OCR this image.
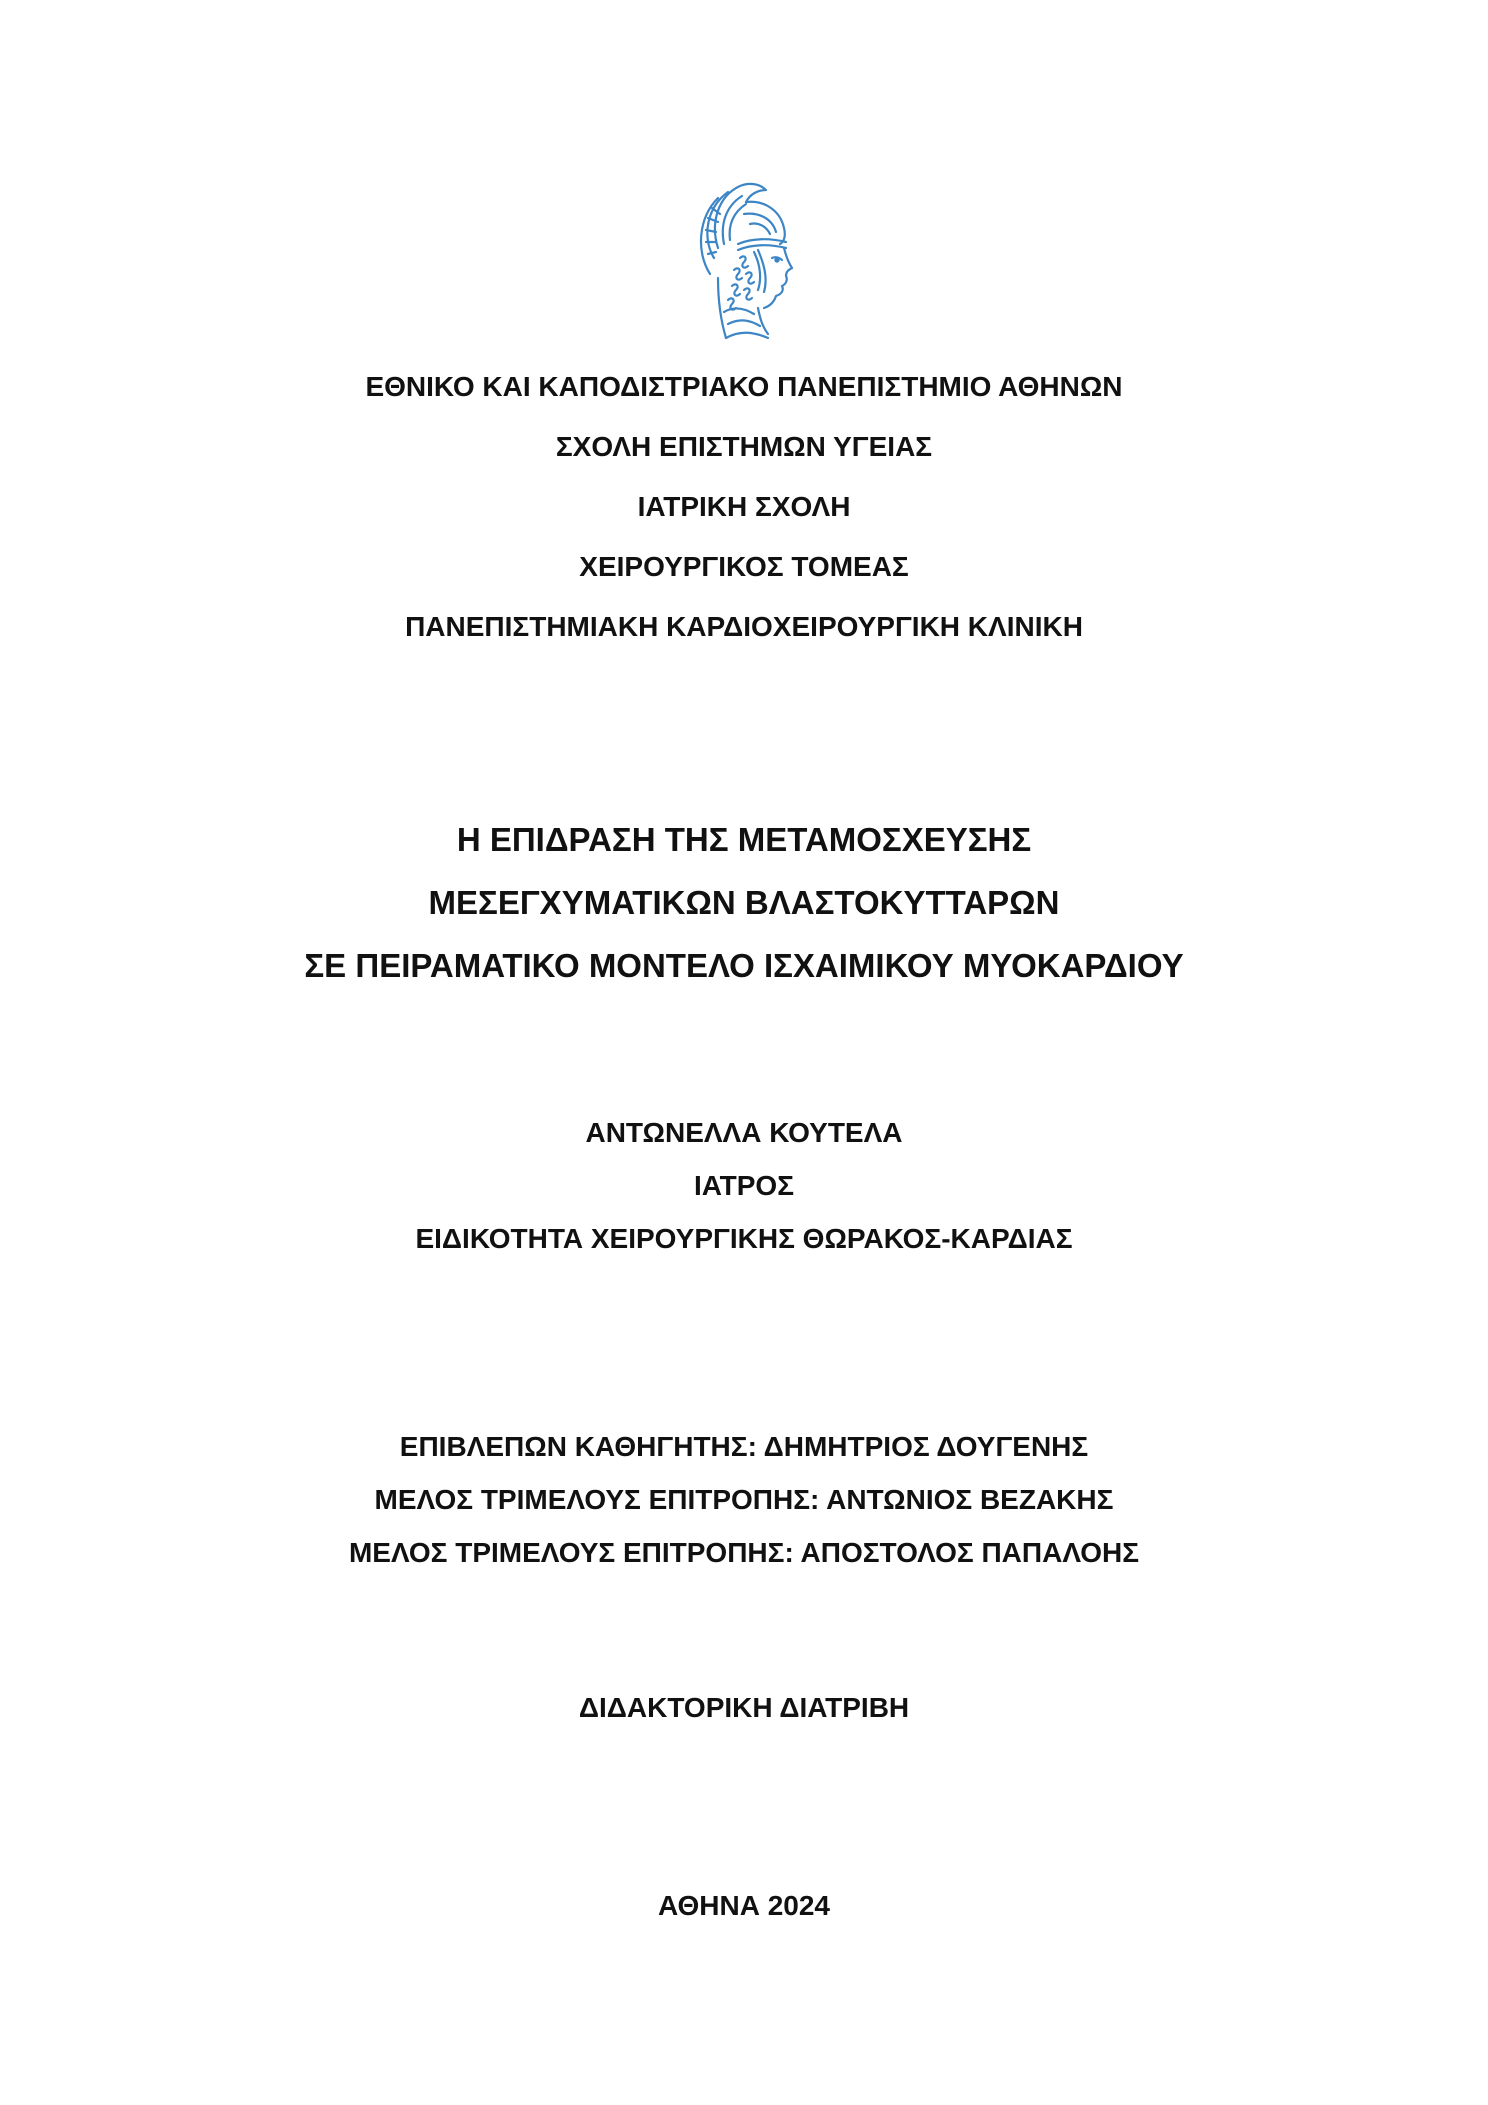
ΕΘΝΙΚΟ ΚΑΙ ΚΑΠΟΔΙΣΤΡΙΑΚΟ ΠΑΝΕΠΙΣΤΗΜΙΟ ΑΘΗΝΩΝ

ΣΧΟΛΗ ΕΠΙΣΤΗΜΩΝ ΥΓΕΙΑΣ

ΙΑΤΡΙΚΗ ΣΧΟΛΗ

ΧΕΙΡΟΥΡΓΙΚΟΣ ΤΟΜΕΑΣ

ΠΑΝΕΠΙΣΤΗΜΙΑΚΗ ΚΑΡΔΙΟΧΕΙΡΟΥΡΓΙΚΗ ΚΛΙΝΙΚΗ

Η ΕΠΙΔΡΑΣΗ ΤΗΣ ΜΕΤΑΜΟΣΧΕΥΣΗΣ

ΜΕΣΕΓΧΥΜΑΤΙΚΩΝ ΒΛΑΣΤΟΚΥΤΤΑΡΩΝ

ΣΕ ΠΕΙΡΑΜΑΤΙΚΟ ΜΟΝΤΕΛΟ ΙΣΧΑΙΜΙΚΟΥ ΜΥΟΚΑΡΔΙΟΥ

ΑΝΤΩΝΕΛΛΑ ΚΟΥΤΕΛΑ

ΙΑΤΡΟΣ

ΕΙΔΙΚΟΤΗΤΑ ΧΕΙΡΟΥΡΓΙΚΗΣ ΘΩΡΑΚΟΣ-ΚΑΡΔΙΑΣ

ΕΠΙΒΛΕΠΩΝ ΚΑΘΗΓΗΤΗΣ: ΔΗΜΗΤΡΙΟΣ ΔΟΥΓΕΝΗΣ

ΜΕΛΟΣ ΤΡΙΜΕΛΟΥΣ ΕΠΙΤΡΟΠΗΣ: ΑΝΤΩΝΙΟΣ ΒΕΖΑΚΗΣ

ΜΕΛΟΣ ΤΡΙΜΕΛΟΥΣ ΕΠΙΤΡΟΠΗΣ: ΑΠΟΣΤΟΛΟΣ ΠΑΠΑΛΟΗΣ

ΔΙΔΑΚΤΟΡΙΚΗ ΔΙΑΤΡΙΒΗ

ΑΘΗΝΑ 2024
